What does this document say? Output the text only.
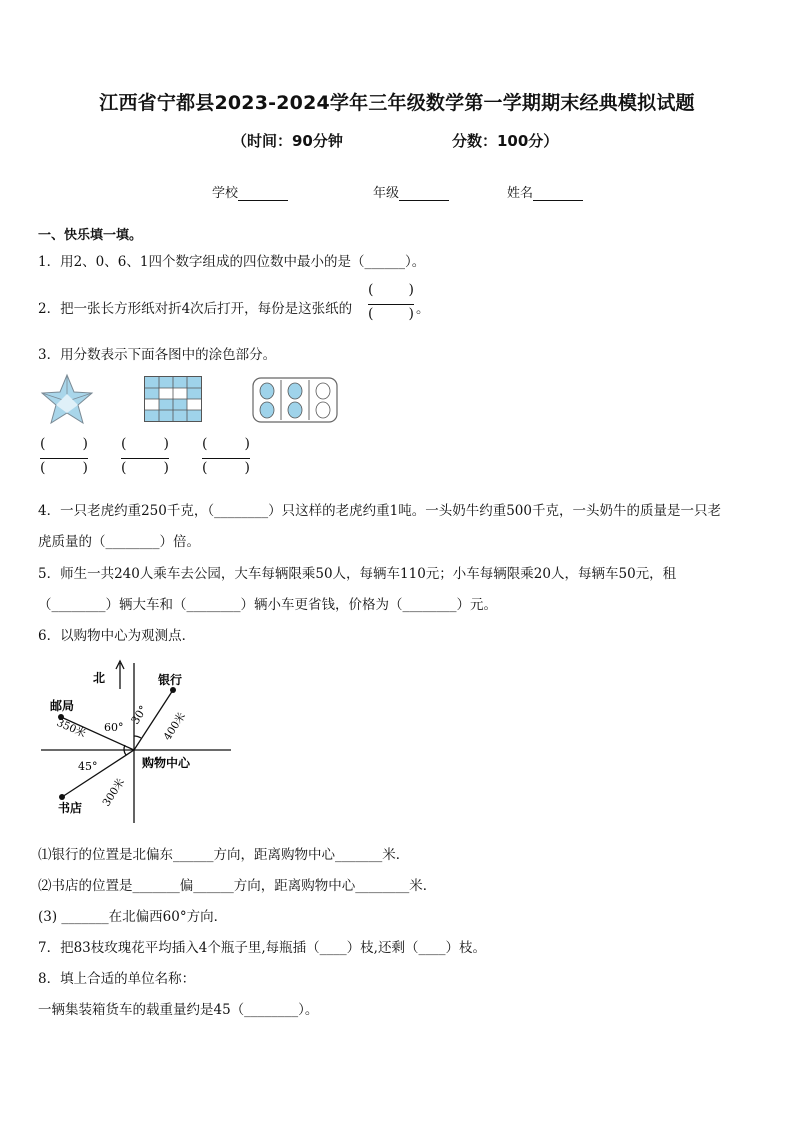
江西省宁都县2023-2024学年三年级数学第一学期期末经典模拟试题
（时间：90分钟	分数：100分）
学校	年级	姓名
一、快乐填一填。
1．用2、0、6、1四个数字组成的四位数中最小的是（______）。
2．把一张长方形纸对折4次后打开，每份是这张纸的
(	)
(	) 。
3．用分数表示下面各图中的涂色部分。
(	)
(	)
(	)
(	)
(	)
(	)
4．一只老虎约重250千克，（________）只这样的老虎约重1吨。一头奶牛约重500千克，一头奶牛的质量是一只老
虎质量的（________）倍。
5．师生一共240人乘车去公园，大车每辆限乘50人，每辆车110元；小车每辆限乘20人，每辆车50元，租
（________）辆大车和（________）辆小车更省钱，价格为（________）元。
6．以购物中心为观测点．
北	银行
邮局
书店
购物中心
60°
30°
45°
400米
350米
300米
⑴银行的位置是北偏东______方向，距离购物中心_______米．
⑵书店的位置是_______偏______方向，距离购物中心________米．
(3) _______在北偏西60°方向．
7．把83枝玫瑰花平均插入4个瓶子里,每瓶插（____）枝,还剩（____）枝。
8．填上合适的单位名称：
一辆集装箱货车的载重量约是45（________）。
